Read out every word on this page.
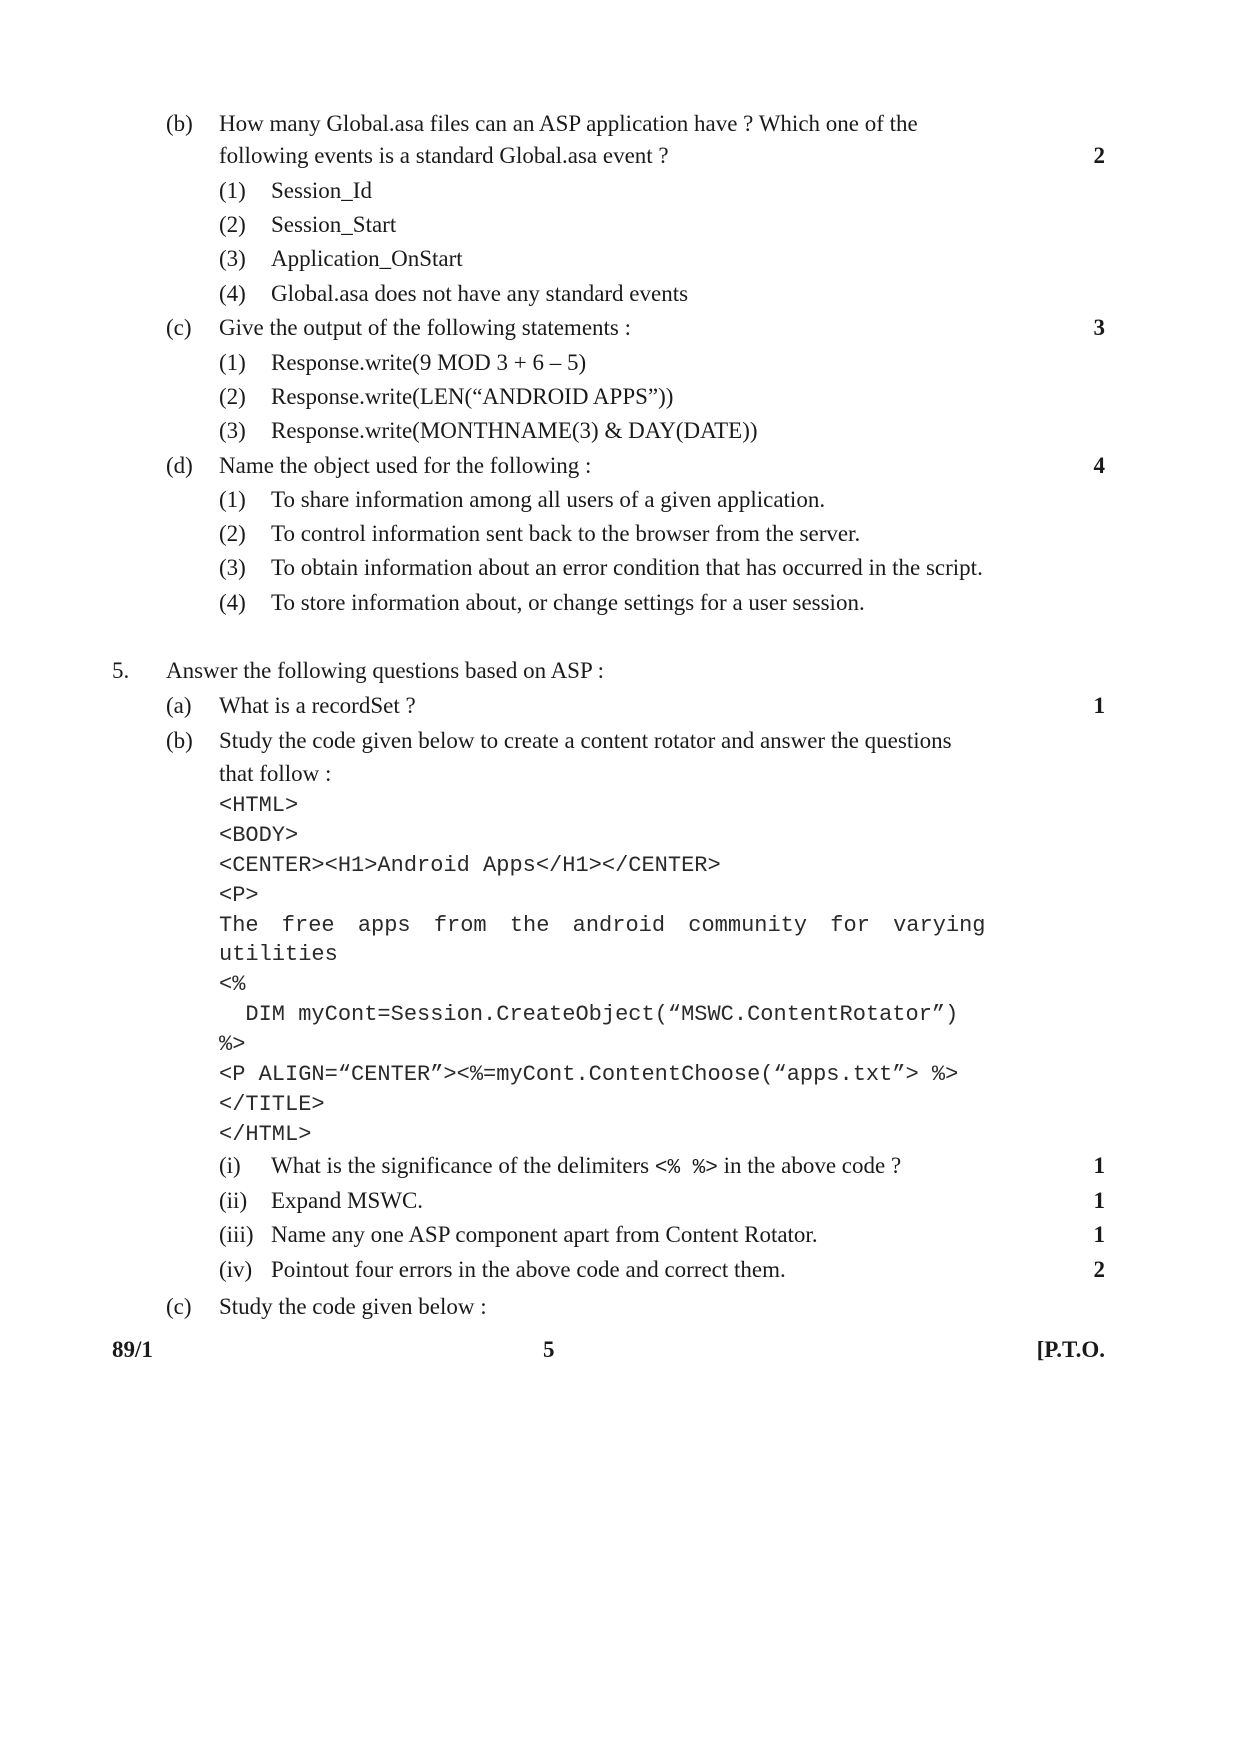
(b) How many Global.asa files can an ASP application have ? Which one of the
following events is a standard Global.asa event ?	2
(1) Session_Id
(2) Session_Start
(3) Application_OnStart
(4) Global.asa does not have any standard events
(c) Give the output of the following statements :	3
(1) Response.write(9 MOD 3 + 6 – 5)
(2) Response.write(LEN(“ANDROID APPS”))
(3) Response.write(MONTHNAME(3) & DAY(DATE))
(d) Name the object used for the following :	4
(1) To share information among all users of a given application.
(2) To control information sent back to the browser from the server.
(3) To obtain information about an error condition that has occurred in the script.
(4) To store information about, or change settings for a user session.
5. Answer the following questions based on ASP :
(a) What is a recordSet ?	1
(b) Study the code given below to create a content rotator and answer the questions
that follow :
<HTML>
<BODY>
<CENTER><H1>Android Apps</H1></CENTER>
<P>
The free apps from the android community for varying
utilities
<%
DIM myCont=Session.CreateObject(“MSWC.ContentRotator”)
%>
<P ALIGN=“CENTER”><%=myCont.ContentChoose(“apps.txt”> %>
</TITLE>
</HTML>
(i) What is the significance of the delimiters <% %> in the above code ?	1
(ii) Expand MSWC.	1
(iii) Name any one ASP component apart from Content Rotator.	1
(iv) Pointout four errors in the above code and correct them.	2
(c) Study the code given below :
89/1	5	[P.T.O.
